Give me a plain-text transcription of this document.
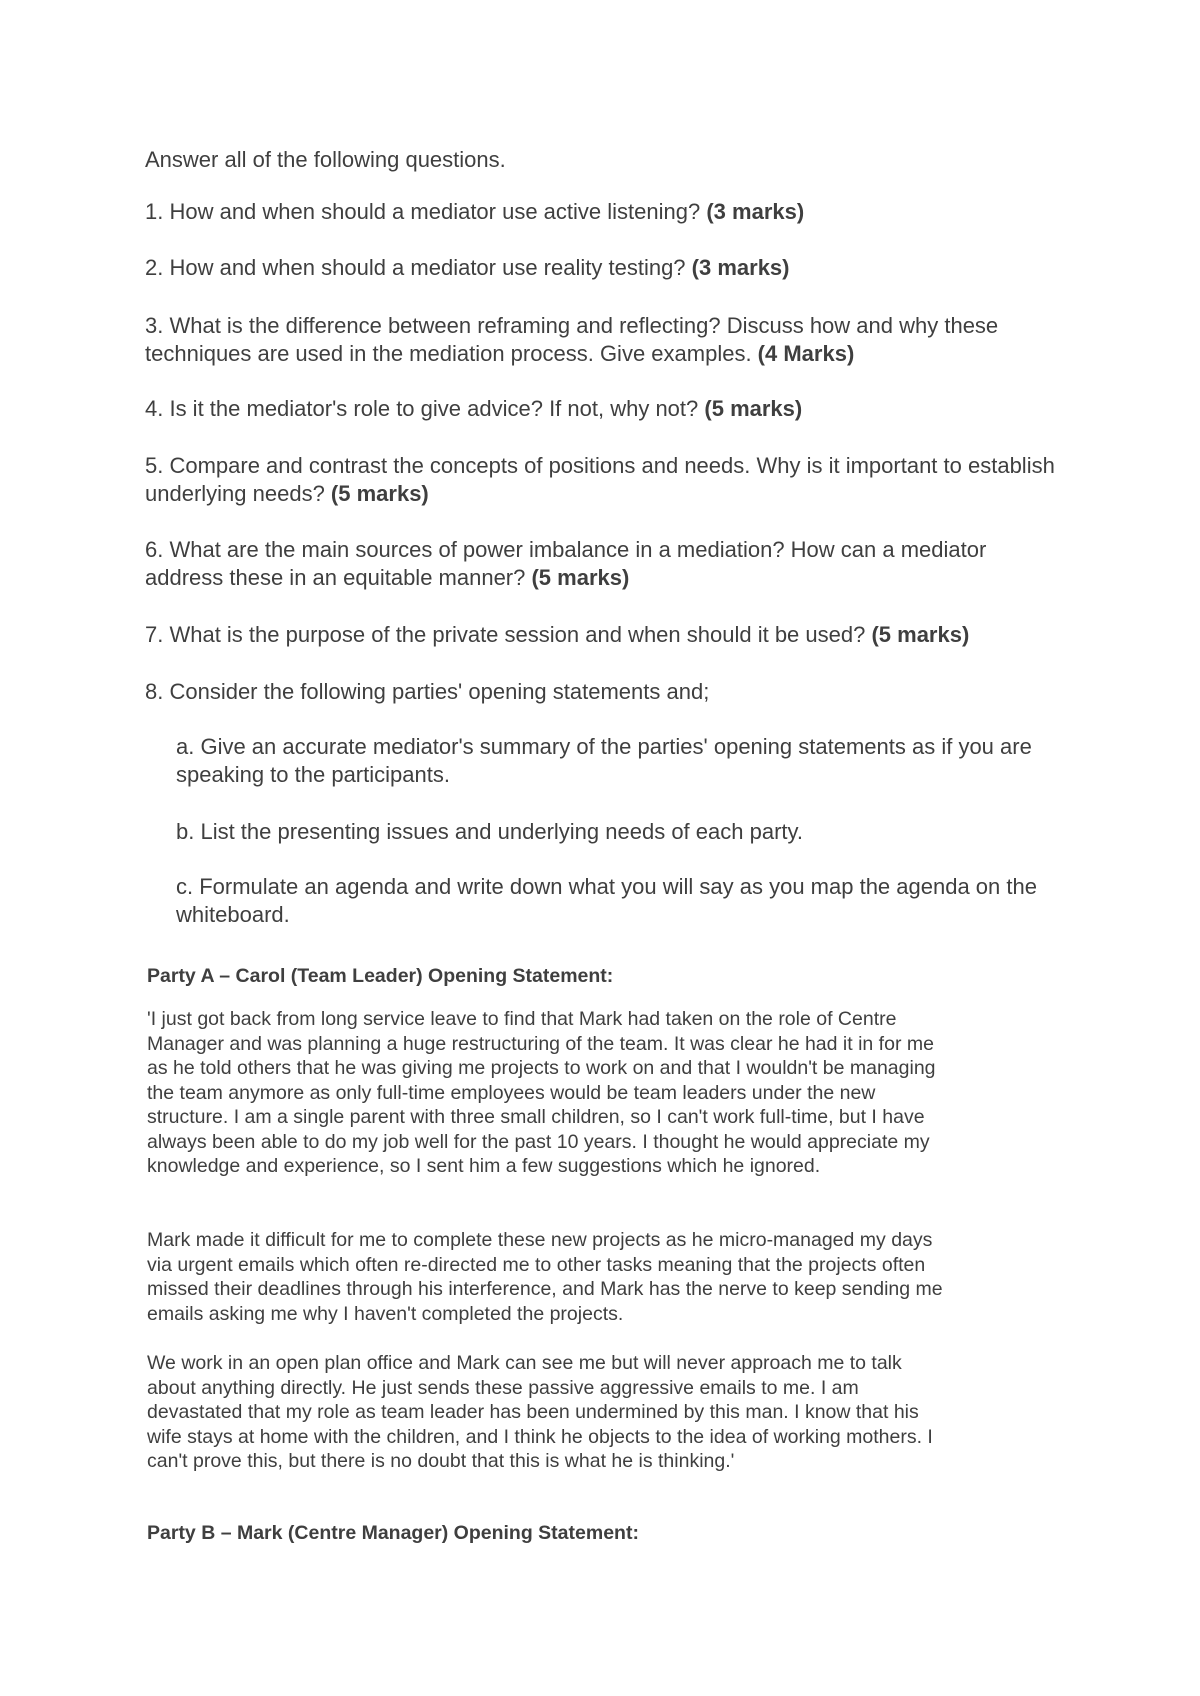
Answer all of the following questions.

1. How and when should a mediator use active listening? (3 marks)

2. How and when should a mediator use reality testing? (3 marks)

3. What is the difference between reframing and reflecting? Discuss how and why these techniques are used in the mediation process. Give examples. (4 Marks)

4. Is it the mediator's role to give advice? If not, why not? (5 marks)

5. Compare and contrast the concepts of positions and needs. Why is it important to establish underlying needs? (5 marks)

6. What are the main sources of power imbalance in a mediation? How can a mediator address these in an equitable manner? (5 marks)

7. What is the purpose of the private session and when should it be used? (5 marks)

8. Consider the following parties' opening statements and;

a. Give an accurate mediator's summary of the parties' opening statements as if you are speaking to the participants.

b. List the presenting issues and underlying needs of each party.

c. Formulate an agenda and write down what you will say as you map the agenda on the whiteboard.

Party A – Carol (Team Leader) Opening Statement:

'I just got back from long service leave to find that Mark had taken on the role of Centre Manager and was planning a huge restructuring of the team. It was clear he had it in for me as he told others that he was giving me projects to work on and that I wouldn't be managing the team anymore as only full-time employees would be team leaders under the new structure. I am a single parent with three small children, so I can't work full-time, but I have always been able to do my job well for the past 10 years. I thought he would appreciate my knowledge and experience, so I sent him a few suggestions which he ignored.

Mark made it difficult for me to complete these new projects as he micro-managed my days via urgent emails which often re-directed me to other tasks meaning that the projects often missed their deadlines through his interference, and Mark has the nerve to keep sending me emails asking me why I haven't completed the projects.

We work in an open plan office and Mark can see me but will never approach me to talk about anything directly. He just sends these passive aggressive emails to me. I am devastated that my role as team leader has been undermined by this man. I know that his wife stays at home with the children, and I think he objects to the idea of working mothers. I can't prove this, but there is no doubt that this is what he is thinking.'

Party B – Mark (Centre Manager) Opening Statement:
